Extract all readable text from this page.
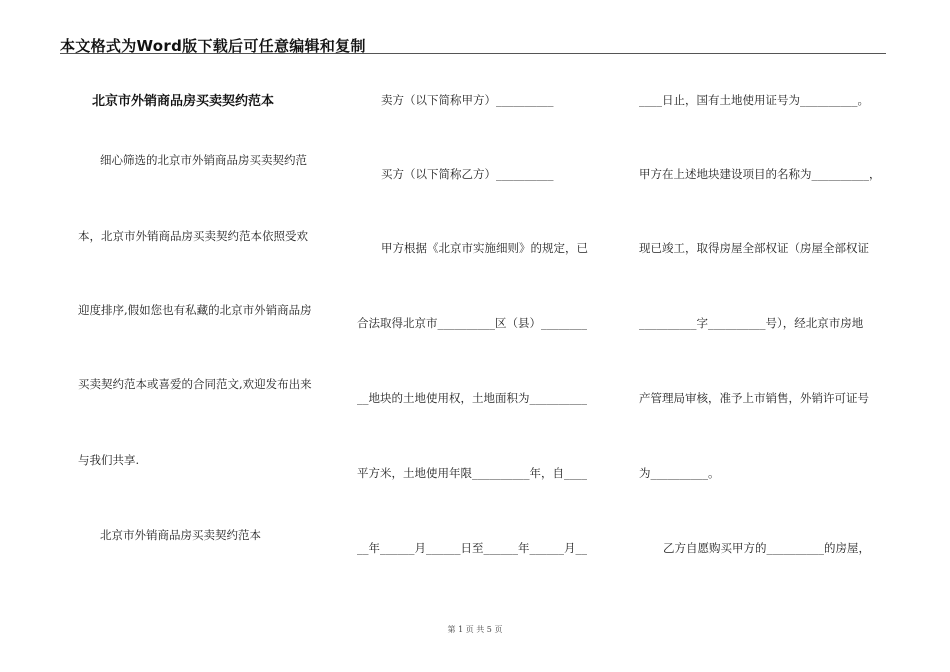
本文格式为Word版下载后可任意编辑和复制
北京市外销商品房买卖契约范本
细心筛选的北京市外销商品房买卖契约范
本，北京市外销商品房买卖契约范本依照受欢
迎度排序,假如您也有私藏的北京市外销商品房
买卖契约范本或喜爱的合同范文,欢迎发布出来
与我们共享.
北京市外销商品房买卖契约范本
卖方（以下简称甲方）__________
买方（以下简称乙方）__________
甲方根据《北京市实施细则》的规定，已
合法取得北京市__________区（县）________
__地块的土地使用权，土地面积为__________
平方米，土地使用年限__________年，自____
__年______月______日至______年______月__
____日止，国有土地使用证号为__________。
甲方在上述地块建设项目的名称为__________，
现已竣工，取得房屋全部权证（房屋全部权证
__________字__________号），经北京市房地
产管理局审核，准予上市销售，外销许可证号
为__________。
乙方自愿购买甲方的__________的房屋，
第 1 页 共 5 页
